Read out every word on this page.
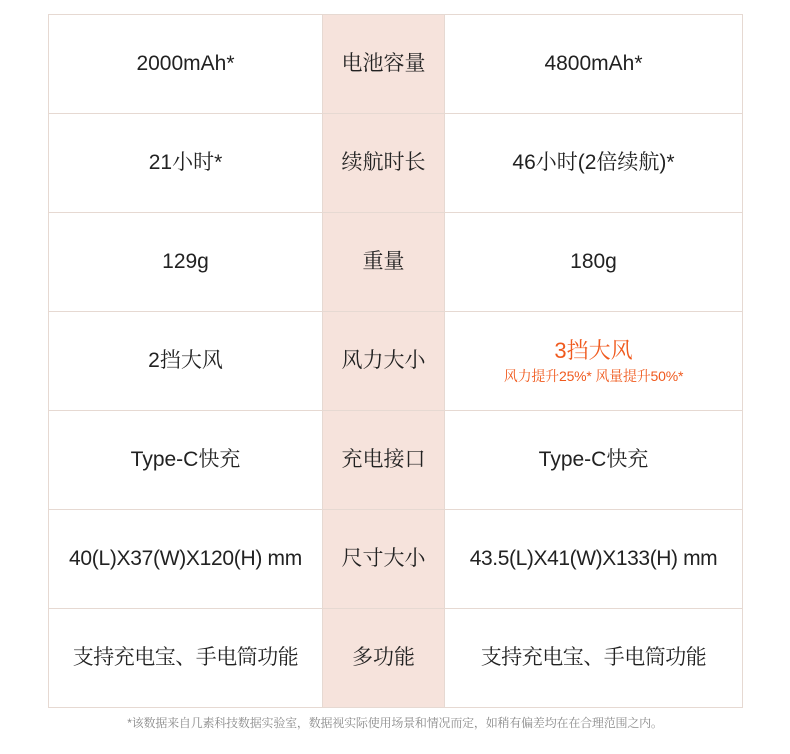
2000mAh*	电池容量	4800mAh*
21小时*	续航时长	46小时(2倍续航)*
129g	重量	180g
2挡大风	风力大小	3挡大风
风力提升25%* 风量提升50%*

Type-C快充	充电接口	Type-C快充
40(L)X37(W)X120(H) mm	尺寸大小	43.5(L)X41(W)X133(H) mm
支持充电宝、手电筒功能	多功能	支持充电宝、手电筒功能
*该数据来自几素科技数据实验室，数据视实际使用场景和情况而定，如稍有偏差均在在合理范围之内。
